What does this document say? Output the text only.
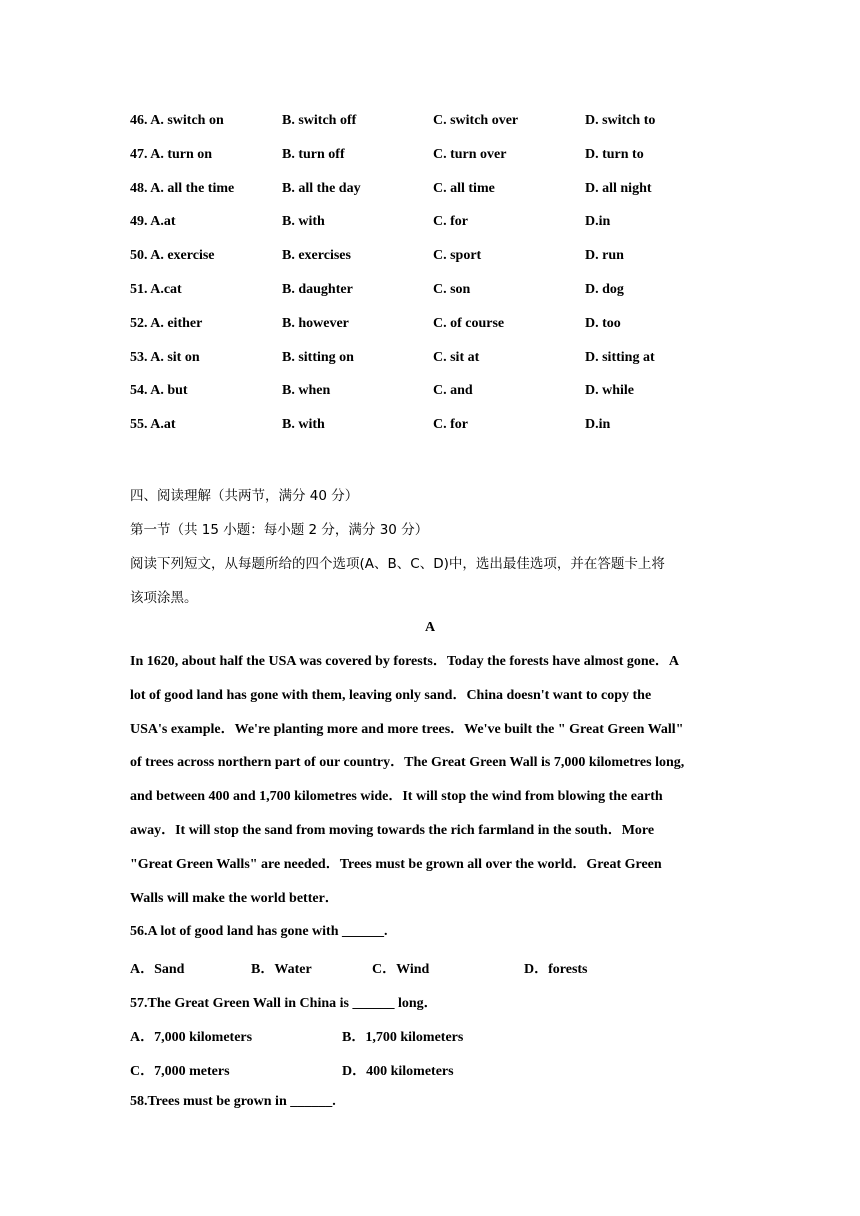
46. A. switch on	B. switch off	C. switch over	D. switch to
47. A. turn on	B. turn off	C. turn over	D. turn to
48. A. all the time	B. all the day	C. all time	D. all night
49. A.at	B. with	C. for	D.in
50. A. exercise	B. exercises	C. sport	D. run
51. A.cat	B. daughter	C. son	D. dog
52. A. either	B. however	C. of course	D. too
53. A. sit on	B. sitting on	C. sit at	D. sitting at
54. A. but	B. when	C. and	D. while
55. A.at	B. with	C. for	D.in
四、阅读理解（共两节，满分 40 分）
第一节（共 15 小题：每小题 2 分，满分 30 分）
阅读下列短文，从每题所给的四个选项(A、B、C、D)中，选出最佳选项，并在答题卡上将
该项涂黑。
A
In 1620, about half the USA was covered by forests．Today the forests have almost gone．A
lot of good land has gone with them, leaving only sand．China doesn't want to copy the
USA's example．We're planting more and more trees．We've built the " Great Green Wall"
of trees across northern part of our country．The Great Green Wall is 7,000 kilometres long,
and between 400 and 1,700 kilometres wide．It will stop the wind from blowing the earth
away．It will stop the sand from moving towards the rich farmland in the south．More
"Great Green Walls" are needed．Trees must be grown all over the world．Great Green
Walls will make the world better．
56.A lot of good land has gone with ______.
A．Sand	B．Water	C．Wind	D．forests
57.The Great Green Wall in China is ______ long．
A．7,000 kilometers	B．1,700 kilometers
C．7,000 meters	D．400 kilometers
58.Trees must be grown in ______.
